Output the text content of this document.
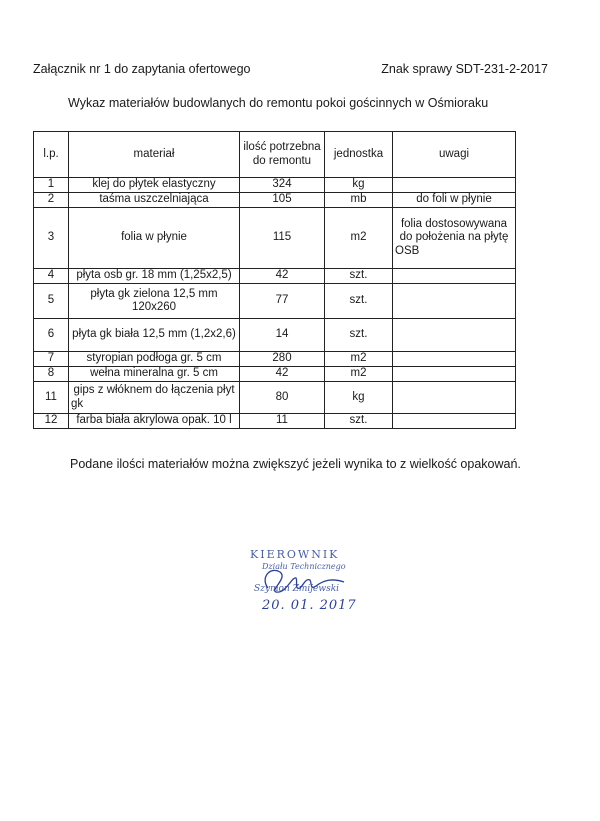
Załącznik nr 1 do zapytania ofertowego	Znak sprawy SDT-231-2-2017
Wykaz materiałów budowlanych do remontu pokoi gościnnych w Ośmioraku
l.p.	materiał	ilość potrzebna do remontu	jednostka	uwagi
1	klej do płytek elastyczny	324	kg	
2	taśma uszczelniająca	105	mb	do foli w płynie
3	folia w płynie	115	m2	folia dostosowywana do położenia na płytę OSB
4	płyta osb gr. 18 mm (1,25x2,5)	42	szt.	
5	płyta gk zielona 12,5 mm 120x260	77	szt.	
6	płyta gk biała 12,5 mm (1,2x2,6)	14	szt.	
7	styropian podłoga gr. 5 cm	280	m2	
8	wełna mineralna gr. 5 cm	42	m2	
11	gips z włóknem do łączenia płyt gk	80	kg	
12	farba biała akrylowa opak. 10 l	11	szt.	
Podane ilości materiałów można zwiększyć jeżeli wynika to z wielkość opakowań.
KIEROWNIK
Działu Technicznego
Szymon Zmijewski
20. 01. 2017
